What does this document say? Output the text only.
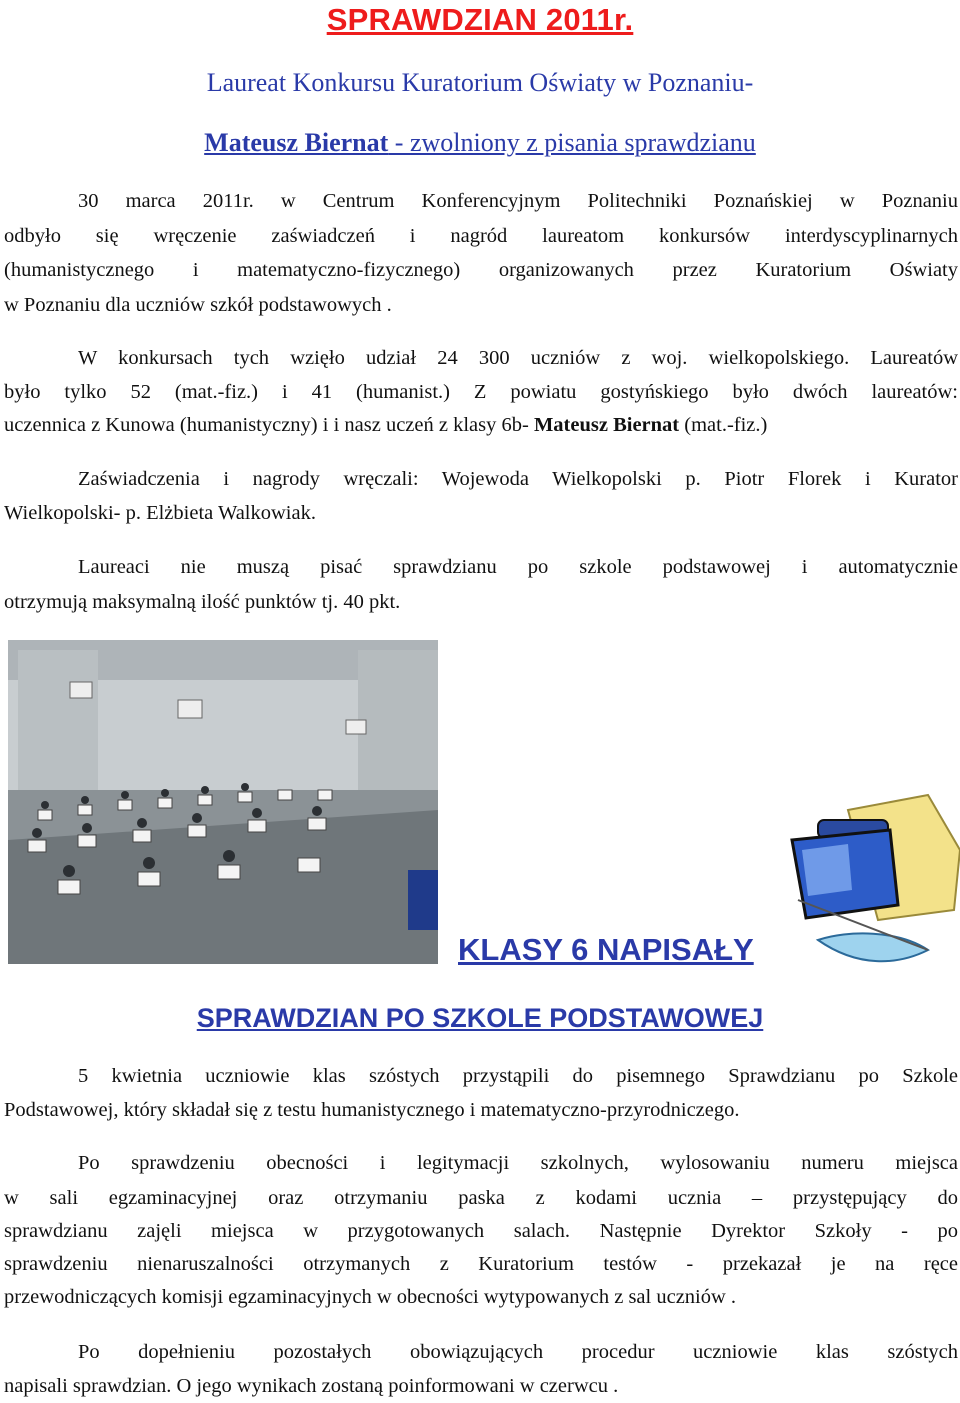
SPRAWDZIAN 2011r.
Laureat Konkursu Kuratorium Oświaty w Poznaniu-
Mateusz Biernat - zwolniony z pisania sprawdzianu
30 marca 2011r. w Centrum Konferencyjnym Politechniki Poznańskiej w Poznaniu
odbyło się wręczenie zaświadczeń i nagród laureatom konkursów interdyscyplinarnych
(humanistycznego i matematyczno-fizycznego) organizowanych przez Kuratorium Oświaty
w Poznaniu dla uczniów szkół podstawowych .
W konkursach tych wzięło udział 24 300 uczniów z woj. wielkopolskiego. Laureatów
było tylko 52 (mat.-fiz.) i 41 (humanist.) Z powiatu gostyńskiego było dwóch laureatów:
uczennica z Kunowa (humanistyczny) i i nasz uczeń z klasy 6b- Mateusz Biernat (mat.-fiz.)
Zaświadczenia i nagrody wręczali: Wojewoda Wielkopolski p. Piotr Florek i Kurator
Wielkopolski- p. Elżbieta Walkowiak.
Laureaci nie muszą pisać sprawdzianu po szkole podstawowej i automatycznie
otrzymują maksymalną ilość punktów tj. 40 pkt.
KLASY 6 NAPISAŁY
SPRAWDZIAN PO SZKOLE PODSTAWOWEJ
5 kwietnia uczniowie klas szóstych przystąpili do pisemnego Sprawdzianu po Szkole
Podstawowej, który składał się z testu humanistycznego i matematyczno-przyrodniczego.
Po sprawdzeniu obecności i legitymacji szkolnych, wylosowaniu numeru miejsca
w sali egzaminacyjnej oraz otrzymaniu paska z kodami ucznia – przystępujący do
sprawdzianu zajęli miejsca w przygotowanych salach. Następnie Dyrektor Szkoły - po
sprawdzeniu nienaruszalności otrzymanych z Kuratorium testów - przekazał je na ręce
przewodniczących komisji egzaminacyjnych w obecności wytypowanych z sal uczniów .
Po dopełnieniu pozostałych obowiązujących procedur uczniowie klas szóstych
napisali sprawdzian. O jego wynikach zostaną poinformowani w czerwcu .
